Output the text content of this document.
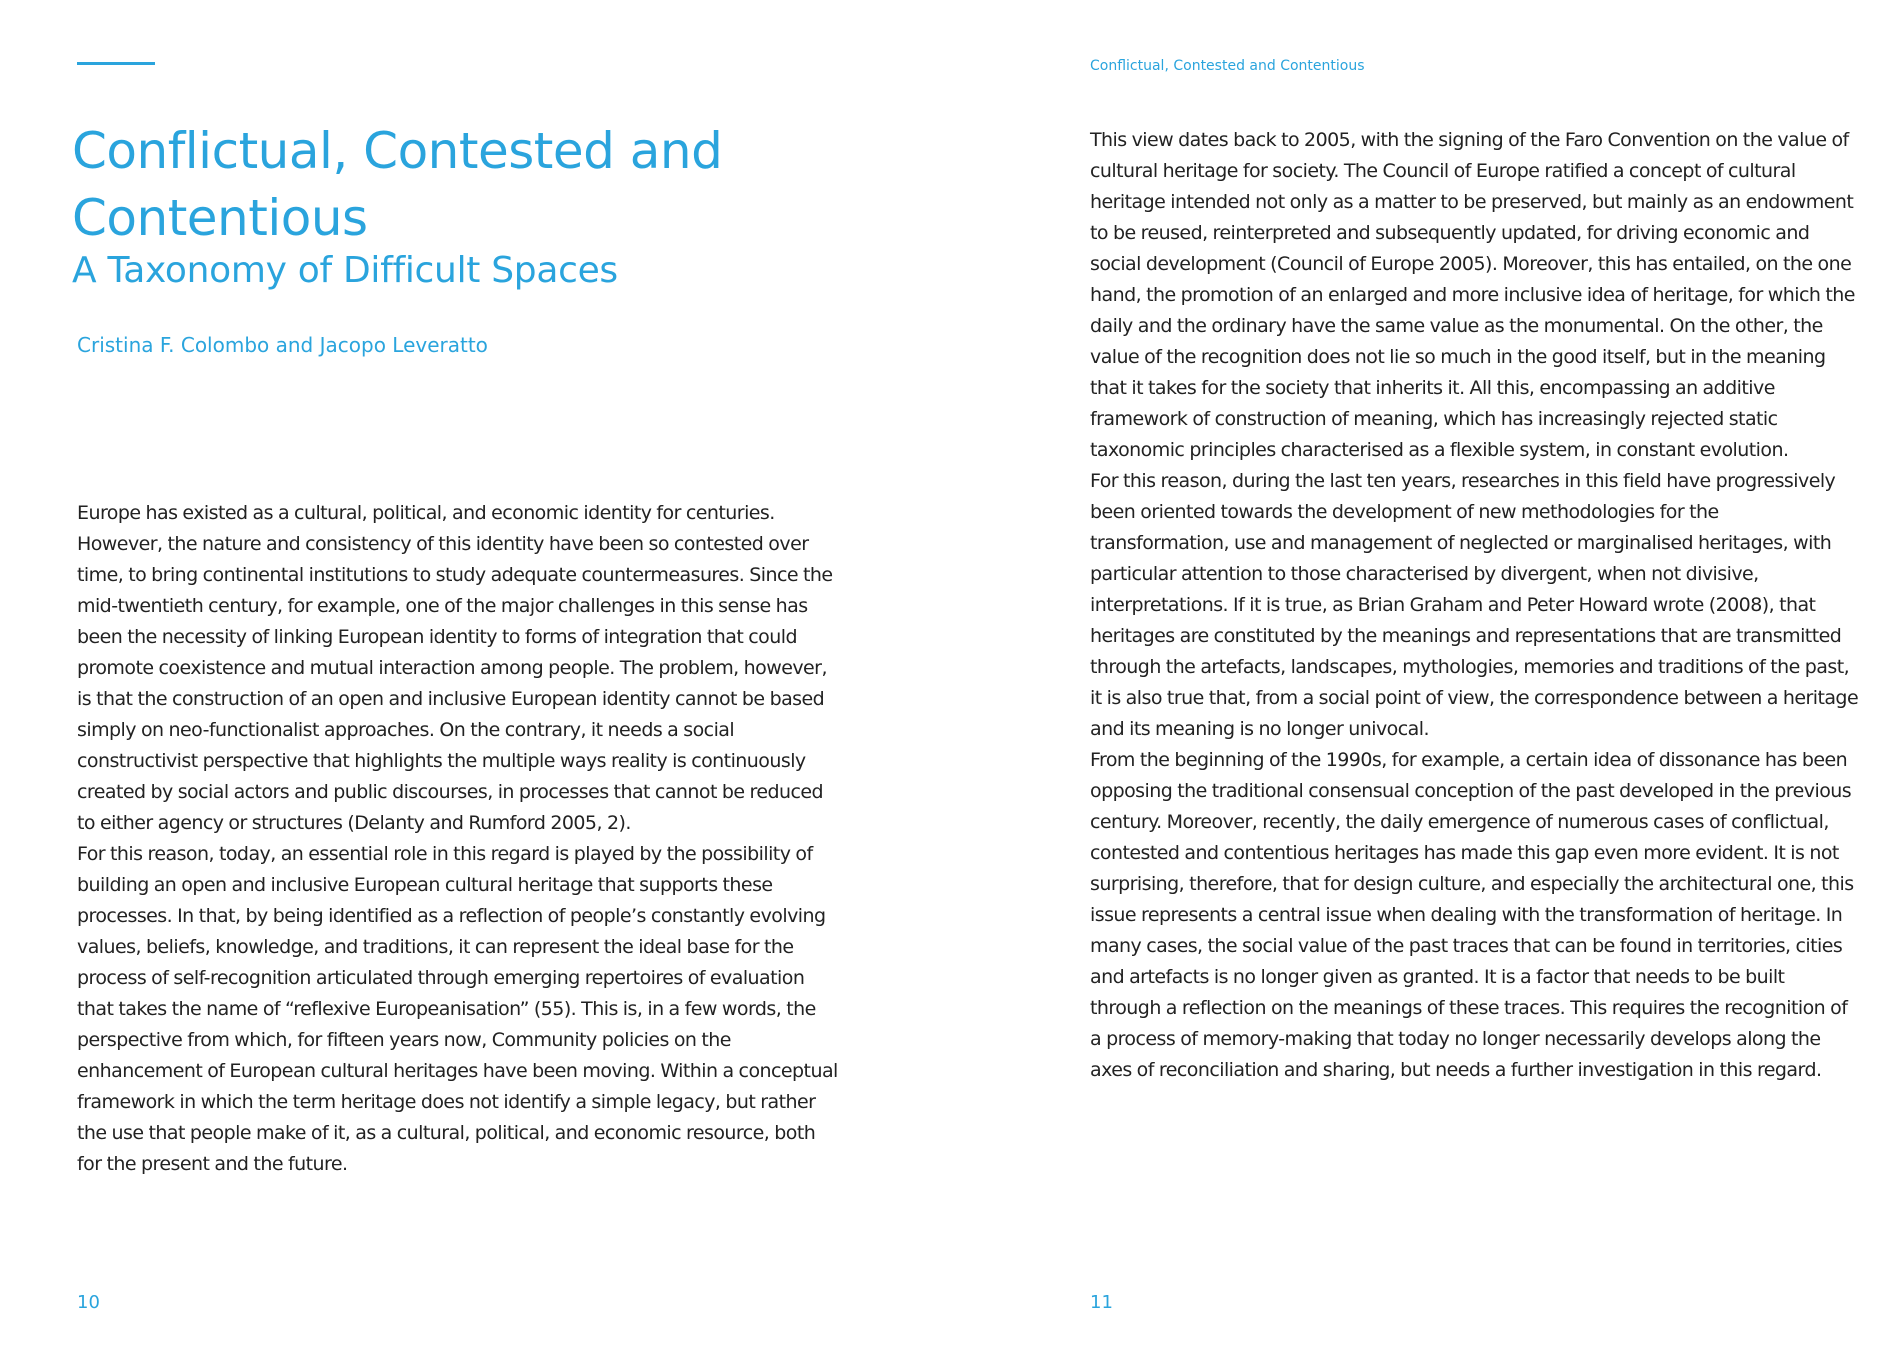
Conflictual, Contested and Contentious
A Taxonomy of Difficult Spaces
Cristina F. Colombo and Jacopo Leveratto

Europe has existed as a cultural, political, and economic identity for centuries. However, the nature and consistency of this identity have been so contested over time, to bring continental institutions to study adequate countermeasures. Since the mid-twentieth century, for example, one of the major challenges in this sense has been the necessity of linking European identity to forms of integration that could promote coexistence and mutual interaction among people. The problem, however, is that the construction of an open and inclusive European identity cannot be based simply on neo-functionalist approaches. On the contrary, it needs a social constructivist perspective that highlights the multiple ways reality is continuously created by social actors and public discourses, in processes that cannot be reduced to either agency or structures (Delanty and Rumford 2005, 2).

For this reason, today, an essential role in this regard is played by the possibility of building an open and inclusive European cultural heritage that supports these processes. In that, by being identified as a reflection of people’s constantly evolving values, beliefs, knowledge, and traditions, it can represent the ideal base for the process of self-recognition articulated through emerging repertoires of evaluation that takes the name of “reflexive Europeanisation” (55). This is, in a few words, the perspective from which, for fifteen years now, Community policies on the enhancement of European cultural heritages have been moving. Within a conceptual framework in which the term heritage does not identify a simple legacy, but rather the use that people make of it, as a cultural, political, and economic resource, both for the present and the future.

10
Conflictual, Contested and Contentious

This view dates back to 2005, with the signing of the Faro Convention on the value of cultural heritage for society. The Council of Europe ratified a concept of cultural heritage intended not only as a matter to be preserved, but mainly as an endowment to be reused, reinterpreted and subsequently updated, for driving economic and social development (Council of Europe 2005). Moreover, this has entailed, on the one hand, the promotion of an enlarged and more inclusive idea of heritage, for which the daily and the ordinary have the same value as the monumental. On the other, the value of the recognition does not lie so much in the good itself, but in the meaning that it takes for the society that inherits it. All this, encompassing an additive framework of construction of meaning, which has increasingly rejected static taxonomic principles characterised as a flexible system, in constant evolution.

For this reason, during the last ten years, researches in this field have progressively been oriented towards the development of new methodologies for the transformation, use and management of neglected or marginalised heritages, with particular attention to those characterised by divergent, when not divisive, interpretations. If it is true, as Brian Graham and Peter Howard wrote (2008), that heritages are constituted by the meanings and representations that are transmitted through the artefacts, landscapes, mythologies, memories and traditions of the past, it is also true that, from a social point of view, the correspondence between a heritage and its meaning is no longer univocal.

From the beginning of the 1990s, for example, a certain idea of dissonance has been opposing the traditional consensual conception of the past developed in the previous century. Moreover, recently, the daily emergence of numerous cases of conflictual, contested and contentious heritages has made this gap even more evident. It is not surprising, therefore, that for design culture, and especially the architectural one, this issue represents a central issue when dealing with the transformation of heritage. In many cases, the social value of the past traces that can be found in territories, cities and artefacts is no longer given as granted. It is a factor that needs to be built through a reflection on the meanings of these traces. This requires the recognition of a process of memory-making that today no longer necessarily develops along the axes of reconciliation and sharing, but needs a further investigation in this regard.

11
